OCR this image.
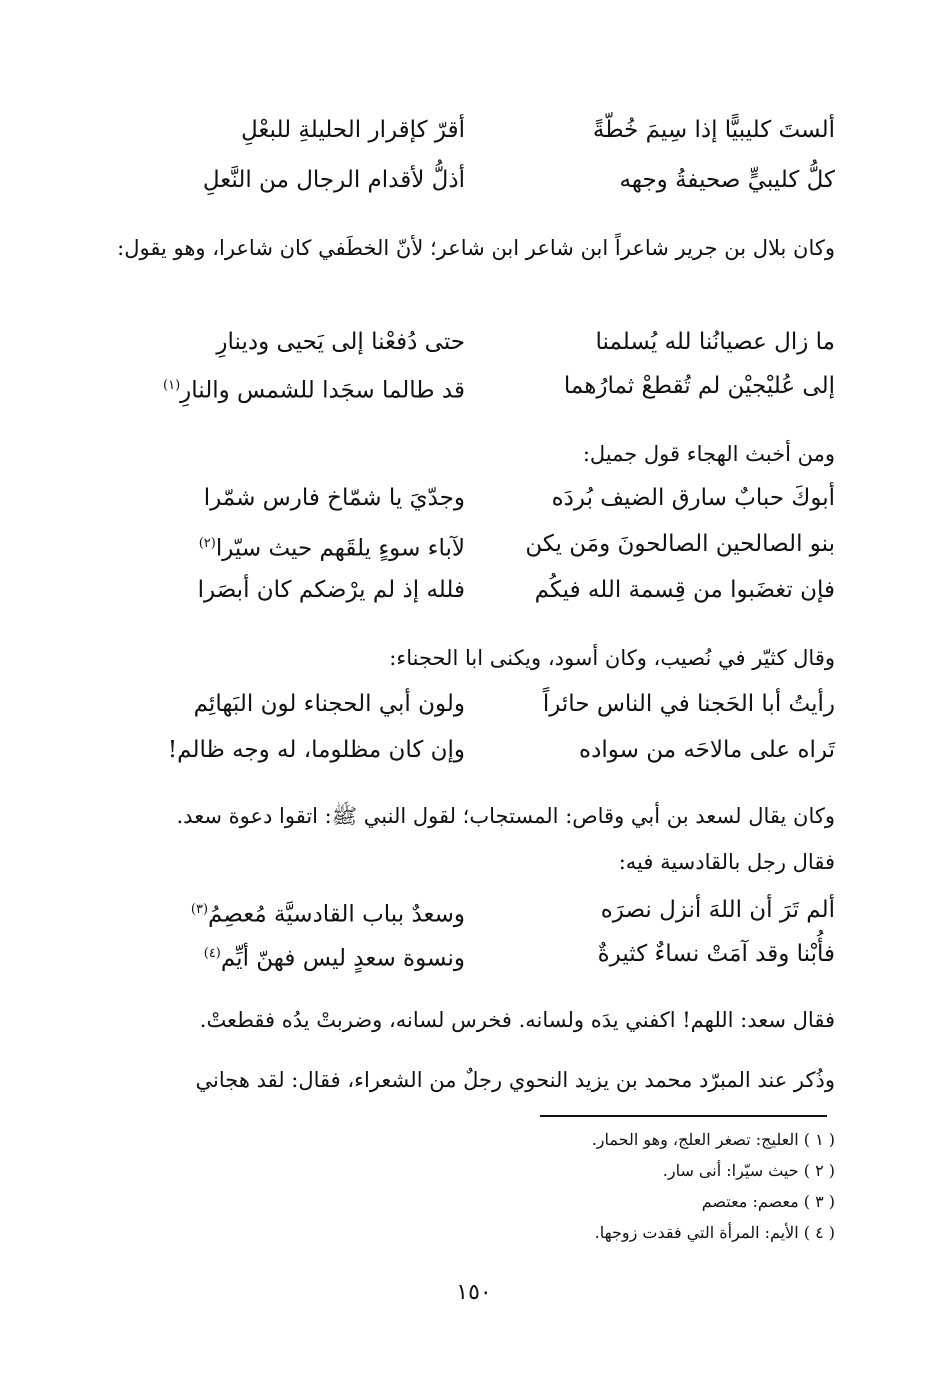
ألستَ كليبيًّا إذا سِيمَ خُطّةً
أقرّ كإقرار الحليلةِ للبعْلِ
كلُّ كليبيٍّ صحيفةُ وجهه
أذلُّ لأقدام الرجال من النَّعلِ
وكان بلال بن جرير شاعراً ابن شاعر ابن شاعر؛ لأنّ الخطَفي كان شاعرا، وهو يقول:
ما زال عصيانُنا لله يُسلمنا
حتى دُفعْنا إلى يَحيى ودينارِ
إلى عُليْجيْن لم تُقطعْ ثمارُهما
قد طالما سجَدا للشمس والنارِ$^{(١)}$
ومن أخبث الهجاء قول جميل:
أبوكَ حبابٌ سارق الضيف بُردَه
وجدّيَ يا شمّاخ فارس شمّرا
بنو الصالحين الصالحونَ ومَن يكن
لآباء سوءٍ يلقَهم حيث سيّرا$^{(٢)}$
فإن تغضَبوا من قِسمة الله فيكُم
فلله إذ لم يرْضكم كان أبصَرا
وقال كثيّر في نُصيب، وكان أسود، ويكنى ابا الحجناء:
رأيتُ أبا الحَجنا في الناس حائراً
ولون أبي الحجناء لون البَهائِم
تَراه على مالاحَه من سواده
وإن كان مظلوما، له وجه ظالم!
وكان يقال لسعد بن أبي وقاص: المستجاب؛ لقول النبي ﷺ: اتقوا دعوة سعد.
فقال رجل بالقادسية فيه:
ألم تَرَ أن اللهَ أنزل نصرَه
وسعدٌ بباب القادسيَّة مُعصِمُ$^{(٣)}$
فأُبْنا وقد آمَتْ نساءٌ كثيرةٌ
ونسوة سعدٍ ليس فهنّ أيِّم$^{(٤)}$
فقال سعد: اللهم! اكفني يدَه ولسانه. فخرس لسانه، وضربتْ يدُه فقطعتْ.
وذُكر عند المبرّد محمد بن يزيد النحوي رجلٌ من الشعراء، فقال: لقد هجاني
( ١ ) العليج: تصغر العلج، وهو الحمار.
( ٢ ) حيث سيّرا: أنى سار.
( ٣ ) معصم: معتصم
( ٤ ) الأيم: المرأة التي فقدت زوجها.
١٥٠
